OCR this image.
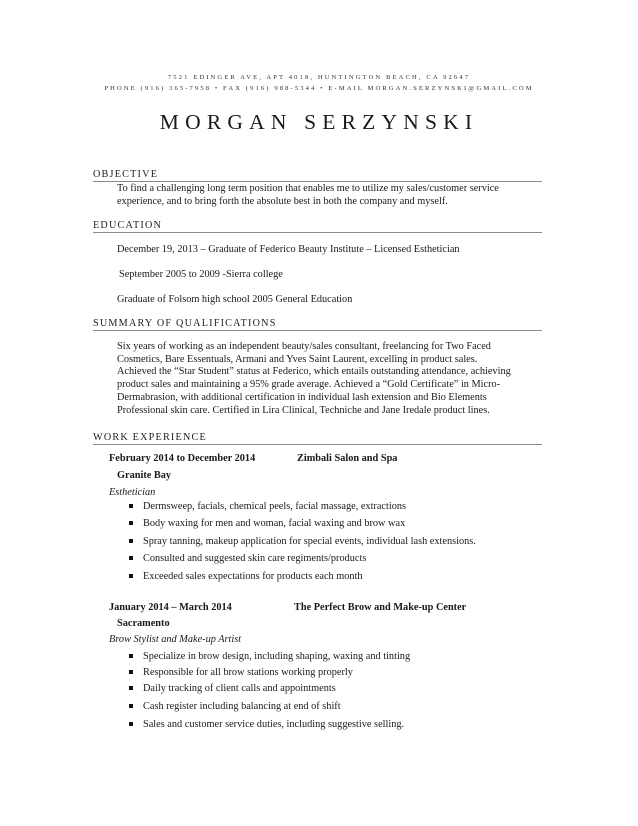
7521 EDINGER AVE, APT 4018, HUNTINGTON BEACH, CA 92647
PHONE (916) 365-7958 • FAX (916) 988-5344 • E-MAIL MORGAN.SERZYNSKI@GMAIL.COM
MORGAN SERZYNSKI
OBJECTIVE
To find a challenging long term position that enables me to utilize my sales/customer service
experience, and to bring forth the absolute best in both the company and myself.
EDUCATION
December 19, 2013 – Graduate of Federico Beauty Institute – Licensed Esthetician
September 2005 to 2009 -Sierra college
Graduate of Folsom high school 2005 General Education
SUMMARY OF QUALIFICATIONS
Six years of working as an independent beauty/sales consultant, freelancing for Two Faced
Cosmetics, Bare Essentuals, Armani and Yves Saint Laurent, excelling in product sales.
Achieved the “Star Student” status at Federico, which entails outstanding attendance, achieving
product sales and maintaining a 95% grade average. Achieved a “Gold Certificate” in Micro-
Dermabrasion, with additional certification in individual lash extension and Bio Elements
Professional skin care. Certified in Lira Clinical, Techniche and Jane Iredale product lines.
WORK EXPERIENCE
February 2014 to December 2014	Zimbali Salon and Spa
Granite Bay
Esthetician
Dermsweep, facials, chemical peels, facial massage, extractions
Body waxing for men and woman, facial waxing and brow wax
Spray tanning, makeup application for special events, individual lash extensions.
Consulted and suggested skin care regiments/products
Exceeded sales expectations for products each month
January 2014 – March 2014	The Perfect Brow and Make-up Center
Sacramento
Brow Stylist and Make-up Artist
Specialize in brow design, including shaping, waxing and tinting
Responsible for all brow stations working properly
Daily tracking of client calls and appointments
Cash register including balancing at end of shift
Sales and customer service duties, including suggestive selling.
